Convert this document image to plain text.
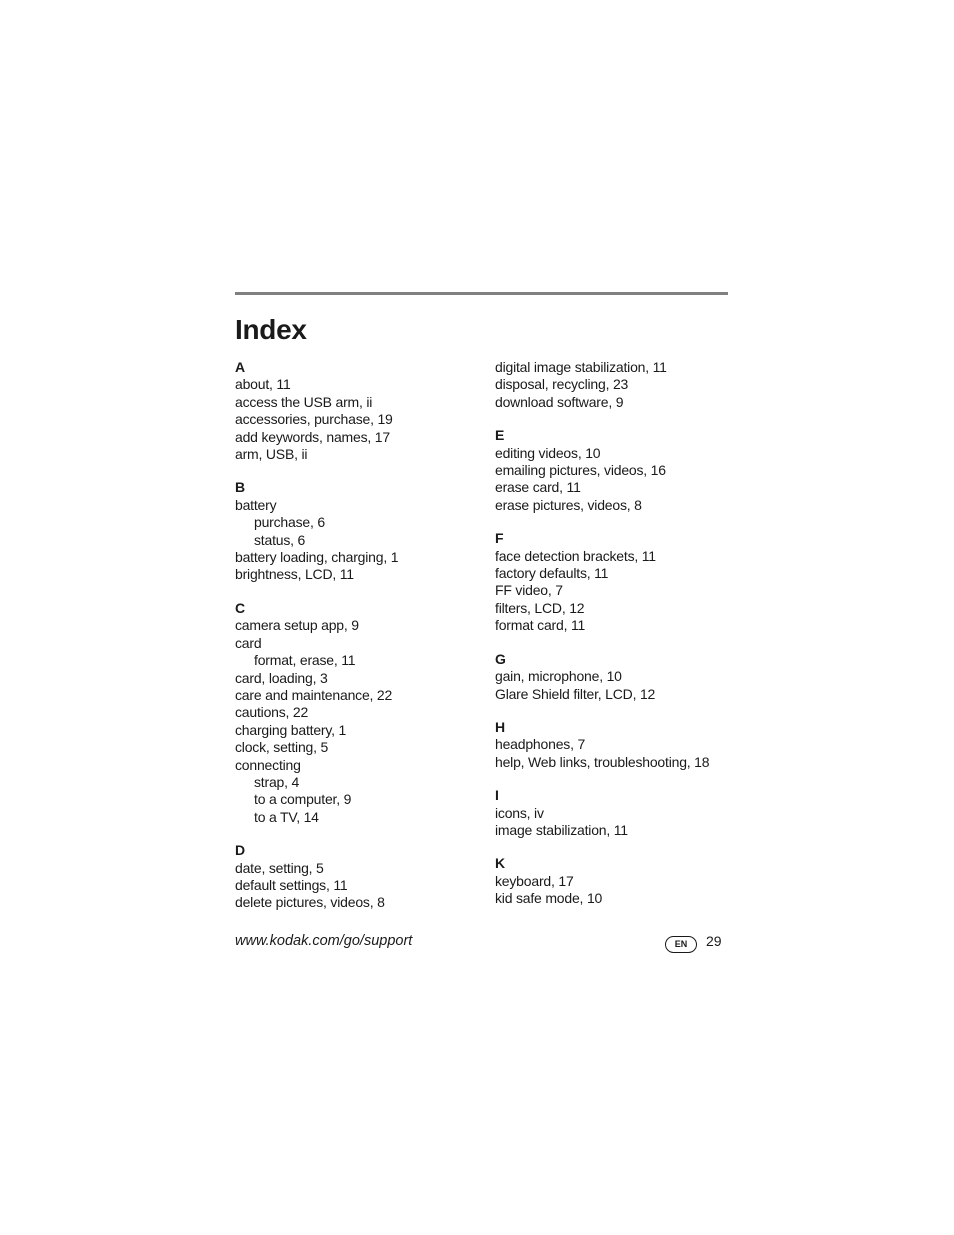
Index
A
about, 11
access the USB arm, ii
accessories, purchase, 19
add keywords, names, 17
arm, USB, ii
B
battery
purchase, 6
status, 6
battery loading, charging, 1
brightness, LCD, 11
C
camera setup app, 9
card
format, erase, 11
card, loading, 3
care and maintenance, 22
cautions, 22
charging battery, 1
clock, setting, 5
connecting
strap, 4
to a computer, 9
to a TV, 14
D
date, setting, 5
default settings, 11
delete pictures, videos, 8
digital image stabilization, 11
disposal, recycling, 23
download software, 9
E
editing videos, 10
emailing pictures, videos, 16
erase card, 11
erase pictures, videos, 8
F
face detection brackets, 11
factory defaults, 11
FF video, 7
filters, LCD, 12
format card, 11
G
gain, microphone, 10
Glare Shield filter, LCD, 12
H
headphones, 7
help, Web links, troubleshooting, 18
I
icons, iv
image stabilization, 11
K
keyboard, 17
kid safe mode, 10
www.kodak.com/go/support	EN	29
